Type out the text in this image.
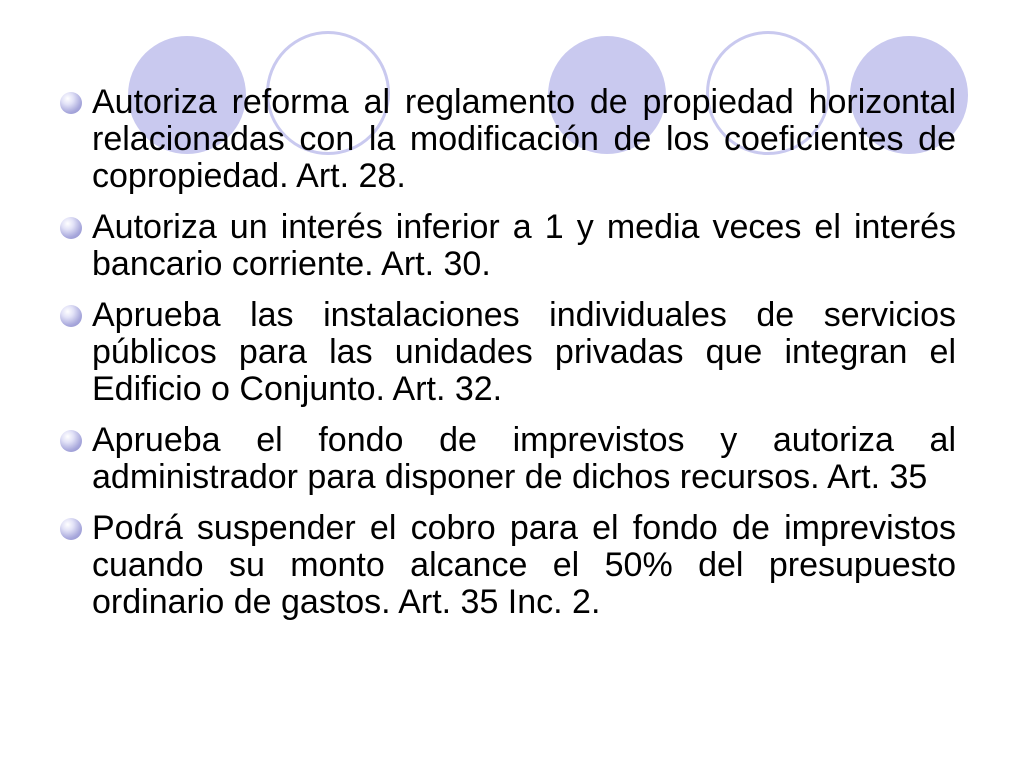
Autoriza reforma al reglamento de propiedad horizontal relacionadas con la modificación de los coeficientes de copropiedad. Art. 28.
Autoriza un interés inferior a 1 y media veces el interés bancario corriente. Art. 30.
Aprueba las instalaciones individuales de servicios públicos para las unidades privadas que integran el Edificio o Conjunto. Art. 32.
Aprueba el fondo de imprevistos y autoriza al administrador para disponer de dichos recursos. Art. 35
Podrá suspender el cobro para el fondo de imprevistos cuando su monto alcance el 50% del presupuesto ordinario de gastos. Art. 35 Inc. 2.
